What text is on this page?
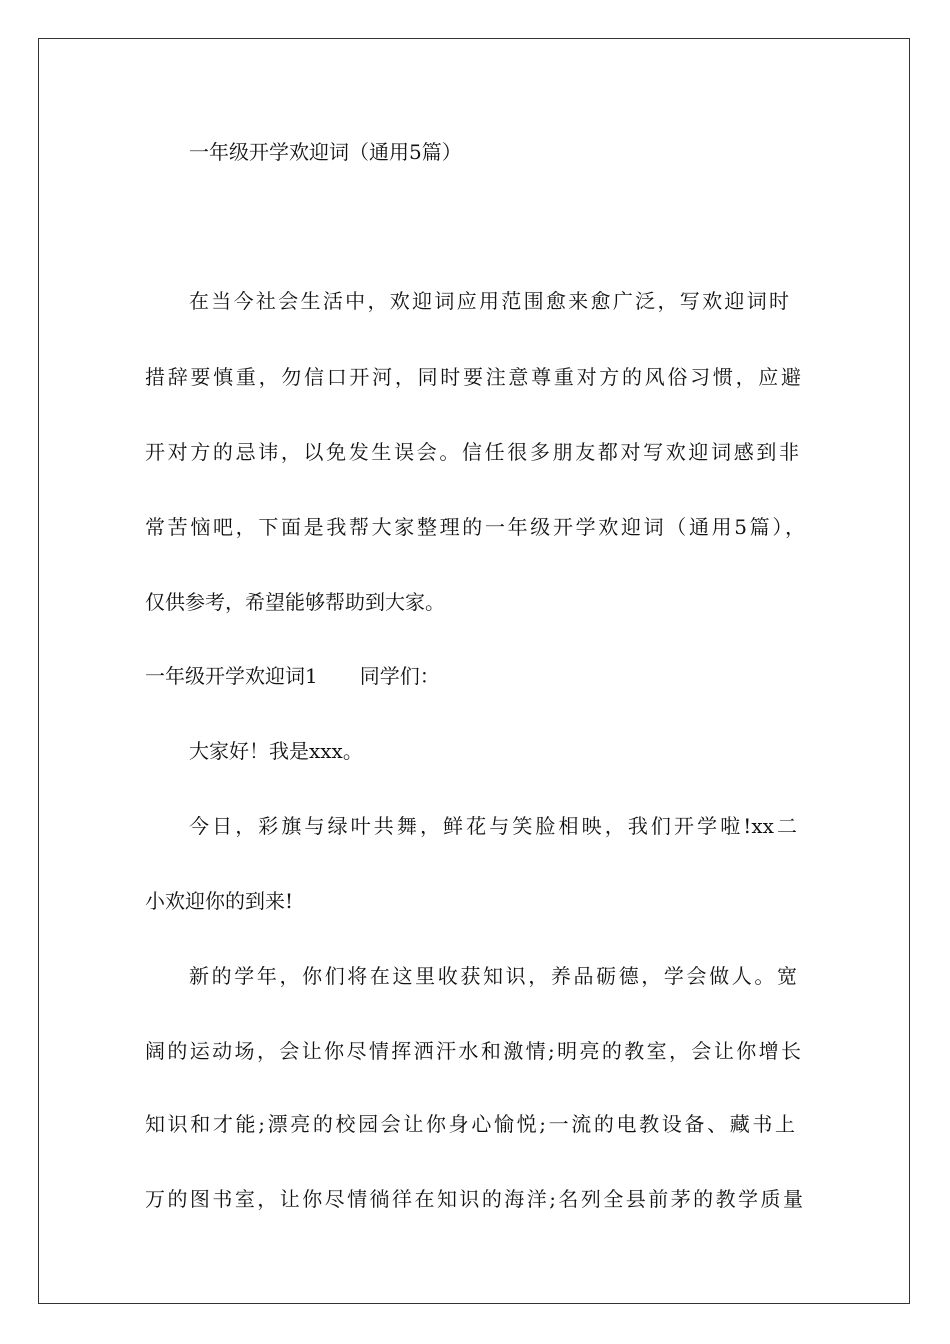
一年级开学欢迎词（通用5篇）
在当今社会生活中，欢迎词应用范围愈来愈广泛，写欢迎词时
措辞要慎重，勿信口开河，同时要注意尊重对方的风俗习惯，应避
开对方的忌讳，以免发生误会。信任很多朋友都对写欢迎词感到非
常苦恼吧，下面是我帮大家整理的一年级开学欢迎词（通用5篇），
仅供参考，希望能够帮助到大家。
一年级开学欢迎词1 同学们：
大家好！我是xxx。
今日，彩旗与绿叶共舞，鲜花与笑脸相映，我们开学啦!xx二
小欢迎你的到来!
新的学年，你们将在这里收获知识，养品砺德，学会做人。宽
阔的运动场，会让你尽情挥洒汗水和激情;明亮的教室，会让你增长
知识和才能;漂亮的校园会让你身心愉悦;一流的电教设备、藏书上
万的图书室，让你尽情徜徉在知识的海洋;名列全县前茅的教学质量
